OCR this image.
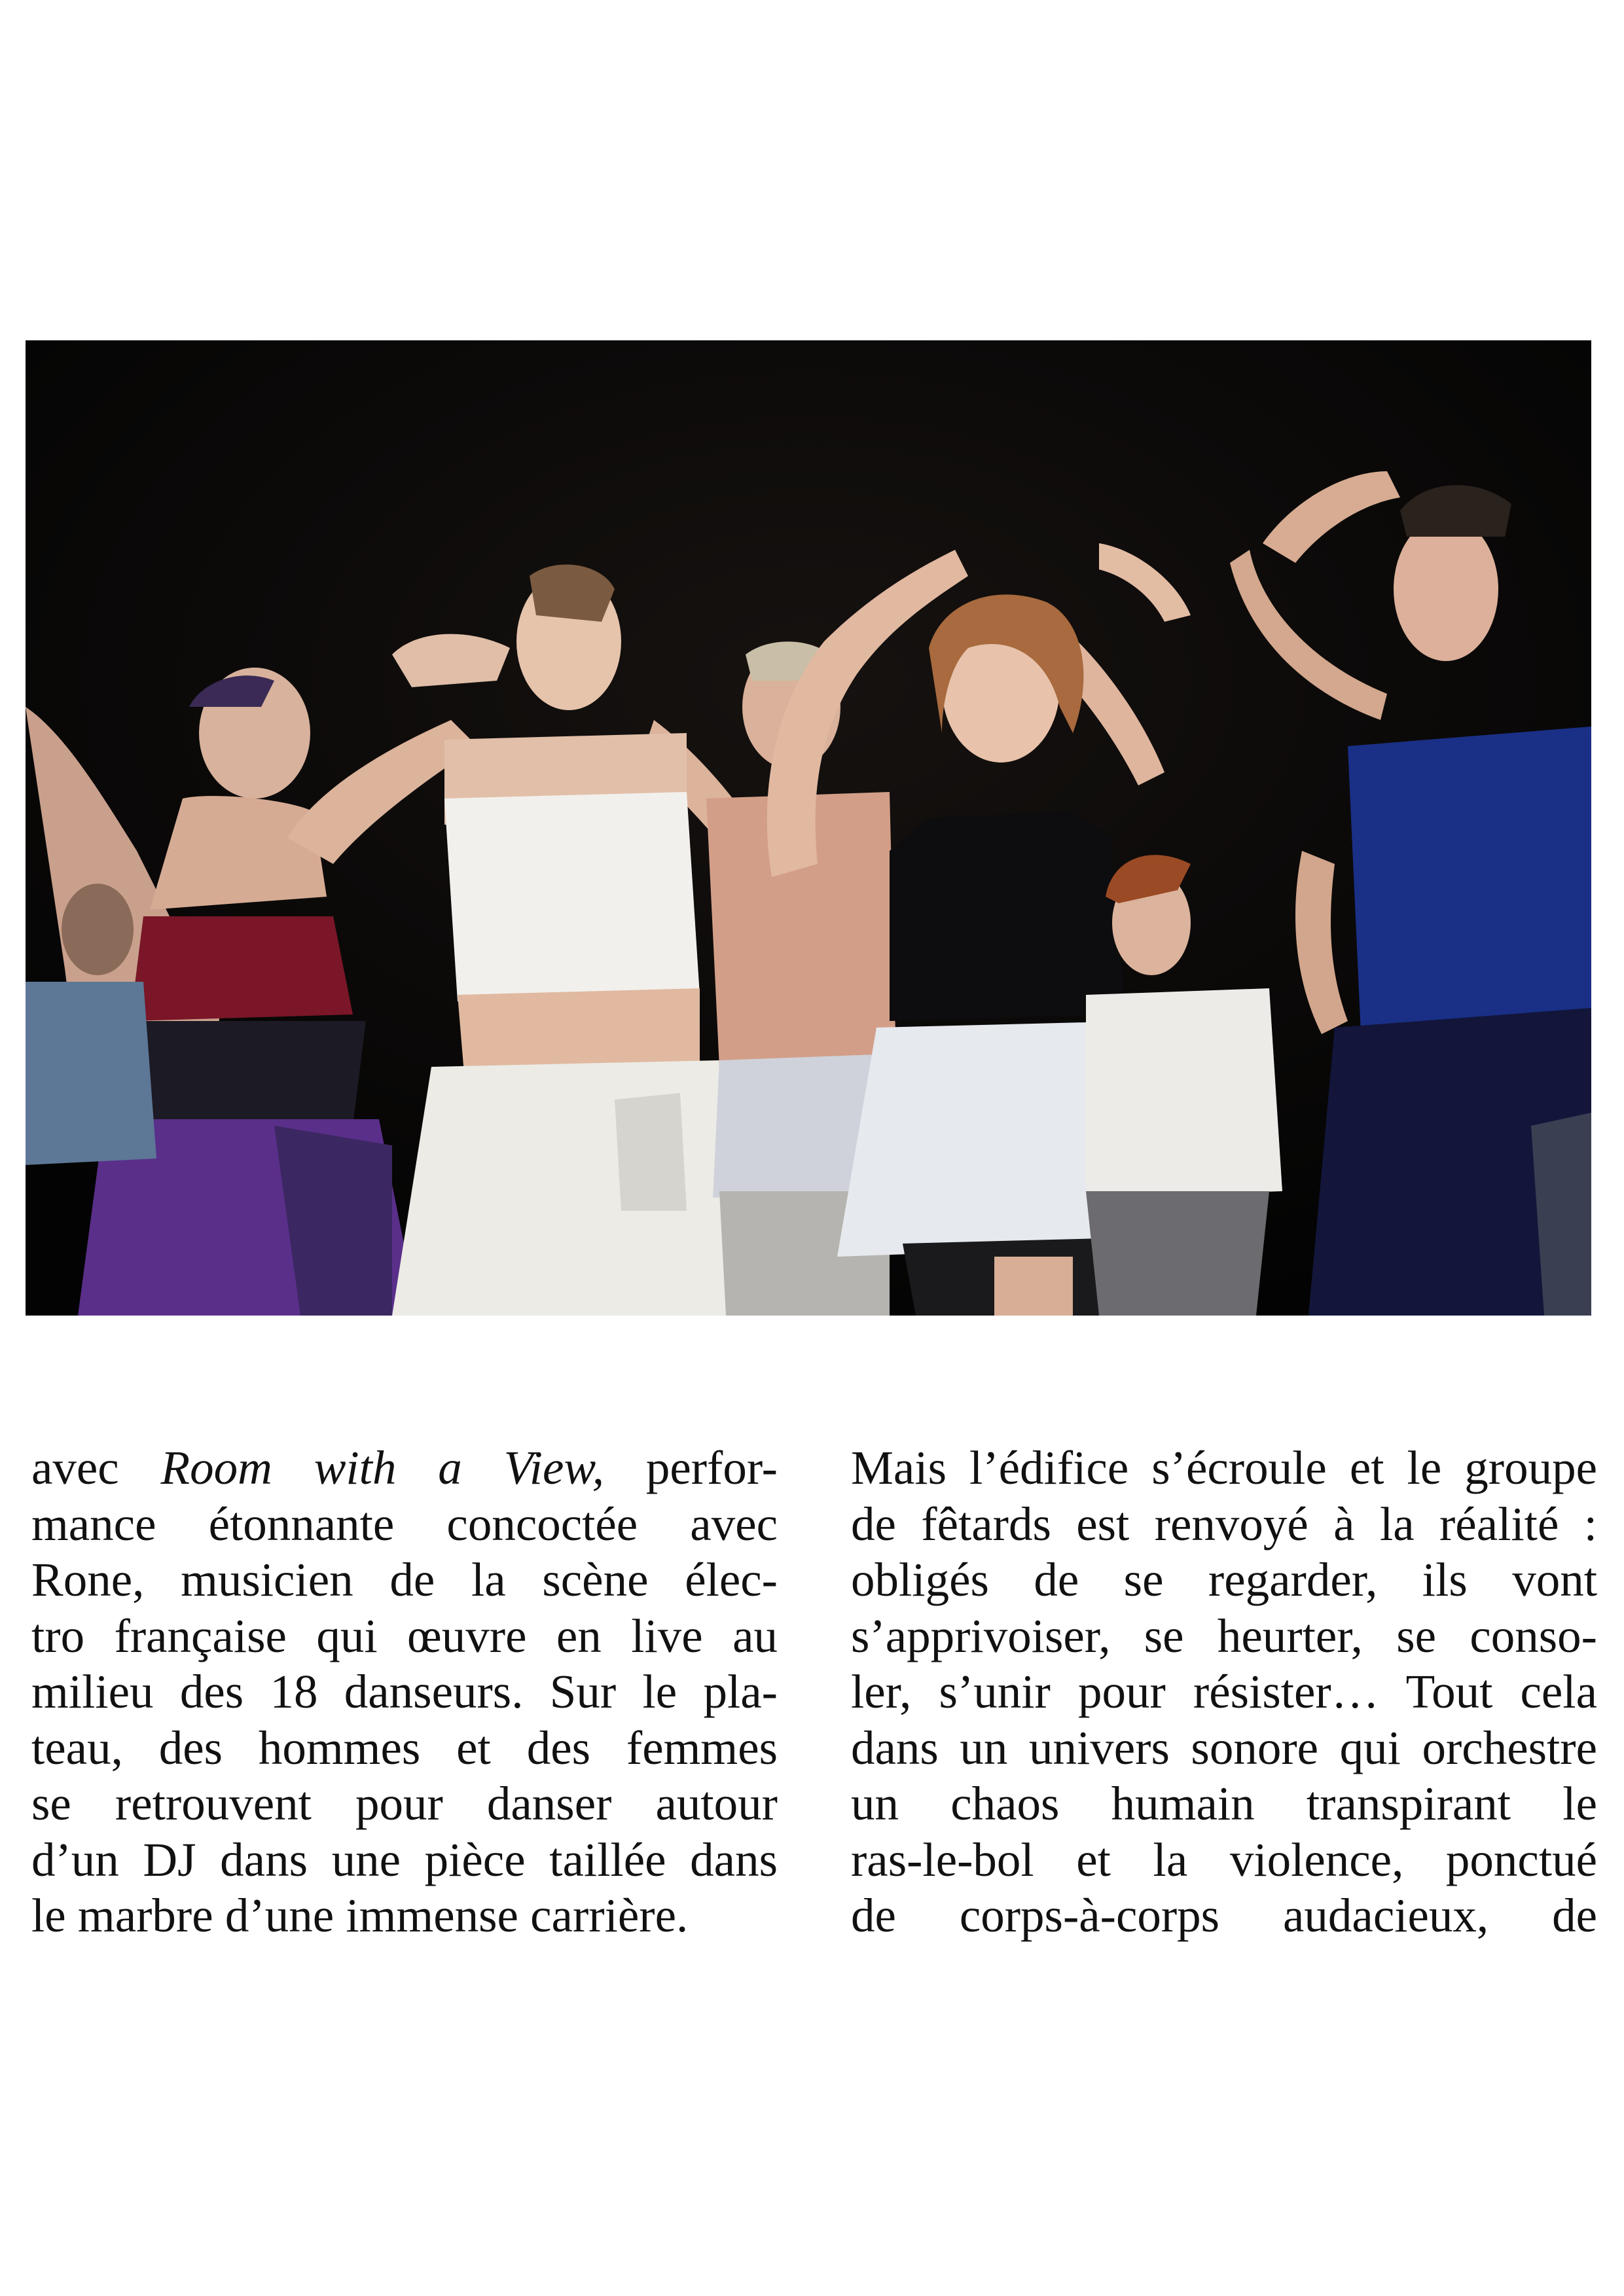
avec Room with a View, perfor-
mance étonnante concoctée avec
Rone, musicien de la scène élec-
tro française qui œuvre en live au
milieu des 18 danseurs. Sur le pla-
teau, des hommes et des femmes
se retrouvent pour danser autour
d’un DJ dans une pièce taillée dans
le marbre d’une immense carrière.
Mais l’édifice s’écroule et le groupe
de fêtards est renvoyé à la réalité :
obligés de se regarder, ils vont
s’apprivoiser, se heurter, se conso-
ler, s’unir pour résister… Tout cela
dans un univers sonore qui orchestre
un chaos humain transpirant le
ras-le-bol et la violence, ponctué
de corps-à-corps audacieux, de
